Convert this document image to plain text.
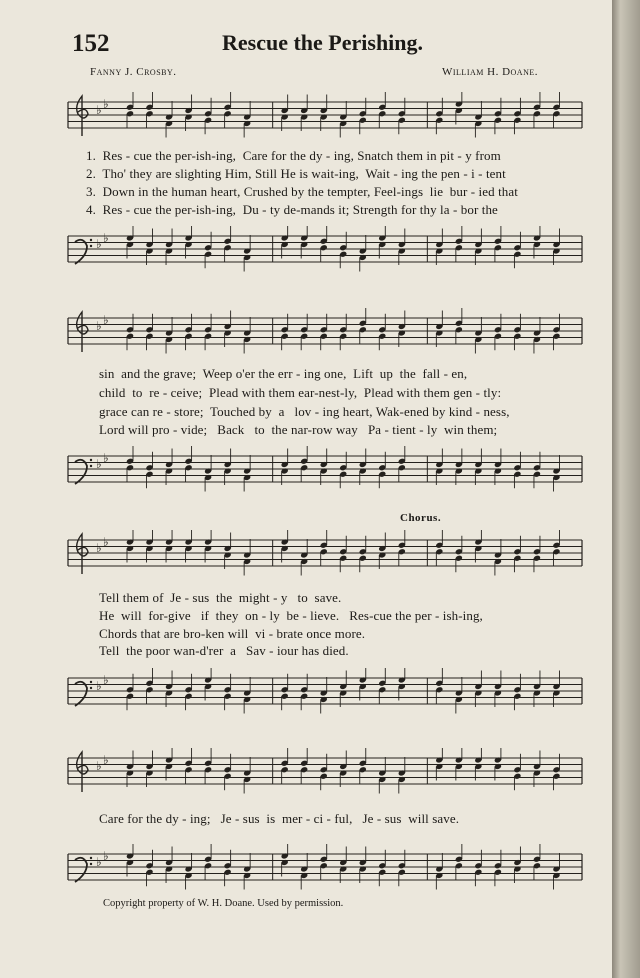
152	Rescue the Perishing.
Fanny J. Crosby.	William H. Doane.
♭ ♭
1.  Res - cue the per-ish-ing,  Care for the dy - ing, Snatch them in pit - y from
2.  Tho' they are slighting Him, Still He is wait-ing,  Wait - ing the pen - i - tent
3.  Down in the human heart, Crushed by the tempter, Feel-ings  lie  bur - ied that
4.  Res - cue the per-ish-ing,  Du - ty de-mands it; Strength for thy la - bor the
♭ ♭
♭ ♭
sin  and the grave;  Weep o'er the err - ing one,  Lift  up  the  fall - en,
child  to  re - ceive;  Plead with them ear-nest-ly,  Plead with them gen - tly:
grace can re - store;  Touched by  a   lov - ing heart, Wak-ened by kind - ness,
Lord will pro - vide;   Back   to  the nar-row way   Pa - tient - ly  win them;
♭ ♭
Chorus.
♭ ♭
Tell them of  Je - sus  the  might - y   to  save.
He  will  for-give   if  they  on - ly  be - lieve.   Res-cue the per - ish-ing,
Chords that are bro-ken will  vi - brate once more.
Tell  the poor wan-d'rer  a   Sav - iour has died.
♭ ♭
♭ ♭
Care for the dy - ing;   Je - sus  is  mer - ci - ful,   Je - sus  will save.
♭ ♭
Copyright property of W. H. Doane. Used by permission.
